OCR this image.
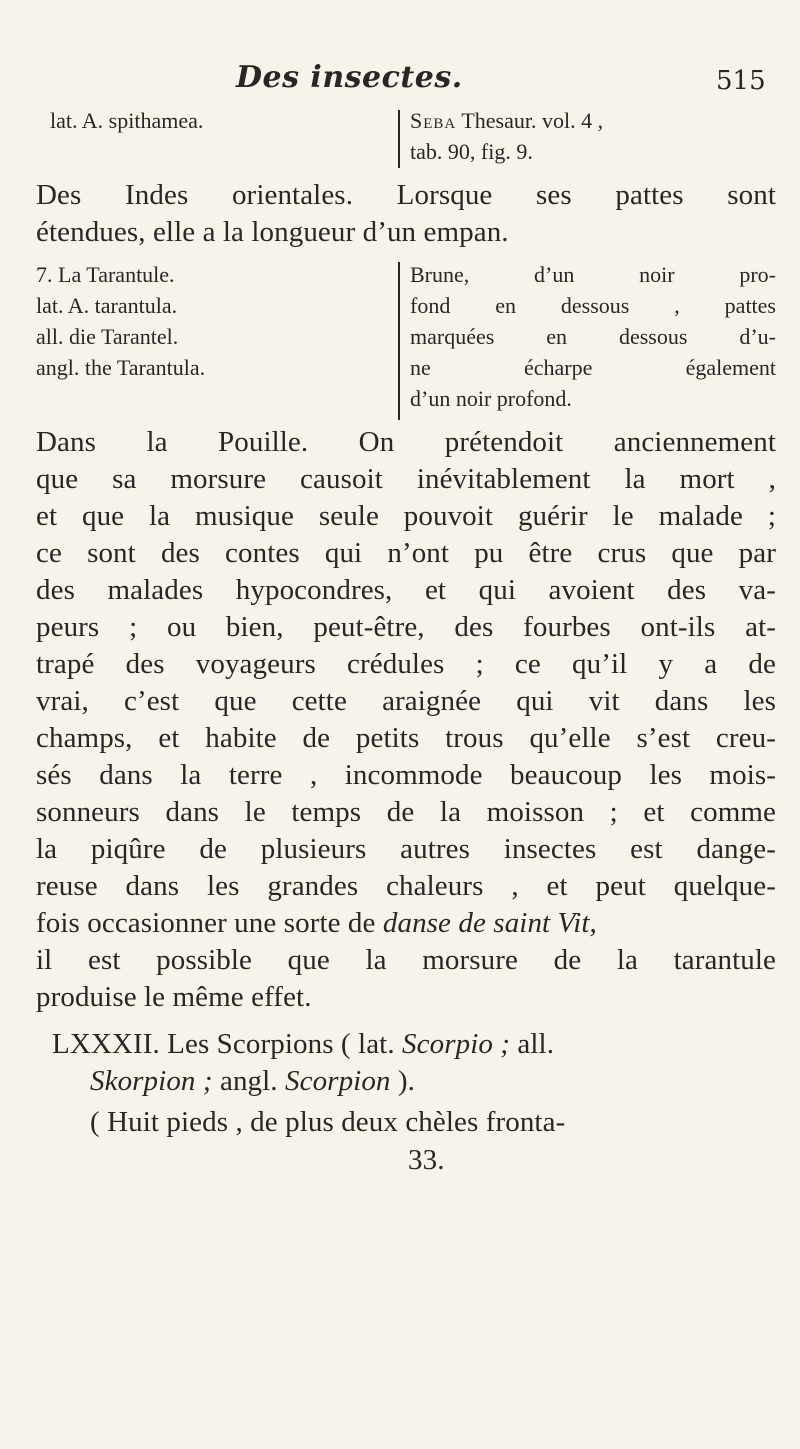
Des insectes.	515
lat. A. spithamea.	Seba Thesaur. vol. 4 ,
tab. 90, fig. 9.
Des Indes orientales. Lorsque ses pattes sont
étendues, elle a la longueur d’un empan.
7. La Tarantule.
lat. A. tarantula.
all. die Tarantel.
angl. the Tarantula.
Brune, d’un noir pro-
fond en dessous , pattes
marquées en dessous d’u-
ne écharpe également
d’un noir profond.
Dans la Pouille. On prétendoit anciennement
que sa morsure causoit inévitablement la mort ,
et que la musique seule pouvoit guérir le malade ;
ce sont des contes qui n’ont pu être crus que par
des malades hypocondres, et qui avoient des va-
peurs ; ou bien, peut-être, des fourbes ont-ils at-
trapé des voyageurs crédules ; ce qu’il y a de
vrai, c’est que cette araignée qui vit dans les
champs, et habite de petits trous qu’elle s’est creu-
sés dans la terre , incommode beaucoup les mois-
sonneurs dans le temps de la moisson ; et comme
la piqûre de plusieurs autres insectes est dange-
reuse dans les grandes chaleurs , et peut quelque-
fois occasionner une sorte de danse de saint Vit,
il est possible que la morsure de la tarantule
produise le même effet.
LXXXII. Les Scorpions ( lat. Scorpio ; all.
Skorpion ; angl. Scorpion ).
( Huit pieds , de plus deux chèles fronta-
33.
